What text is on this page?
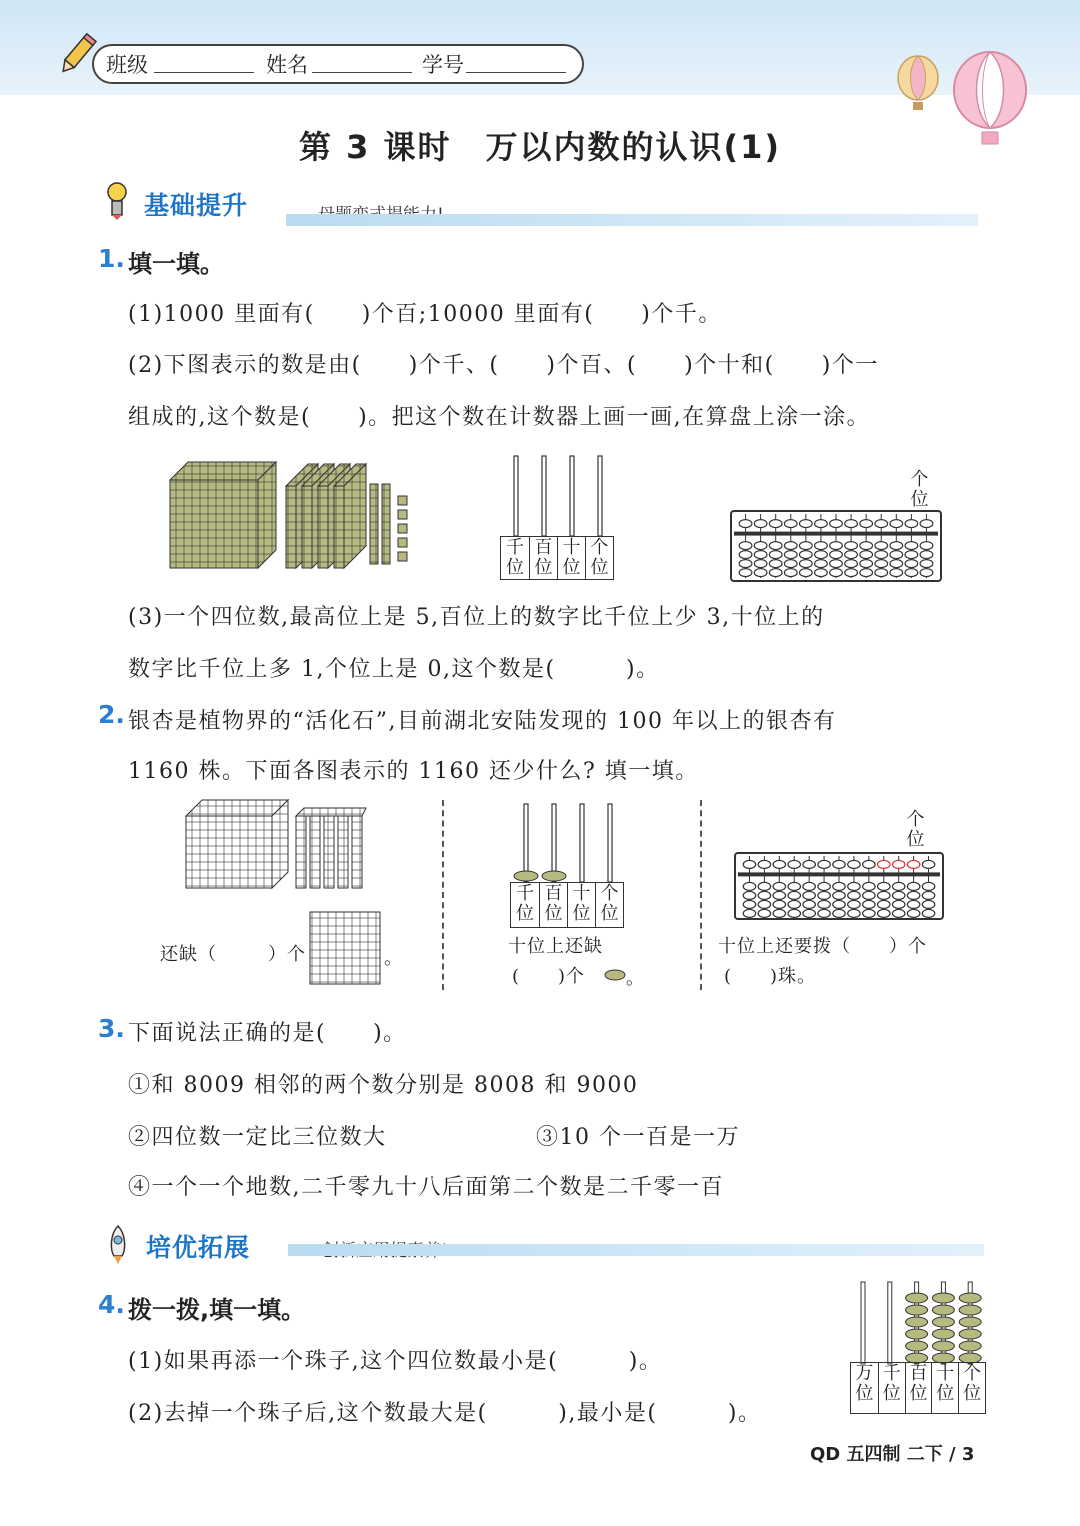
班级	姓名	学号
第 3 课时　万以内数的认识(1)
基础提升
1. 填一填。
(1)1000 里面有(　　)个百;10000 里面有(　　)个千。
(2)下图表示的数是由(　　)个千、(　　)个百、(　　)个十和(　　)个一
组成的,这个数是(　　)。把这个数在计数器上画一画,在算盘上涂一涂。
千
位
百
位
十
位
个
位
个
位
(3)一个四位数,最高位上是 5,百位上的数字比千位上少 3,十位上的
数字比千位上多 1,个位上是 0,这个数是(　　　)。
2. 银杏是植物界的“活化石”,目前湖北安陆发现的 100 年以上的银杏有
1160 株。下面各图表示的 1160 还少什么? 填一填。
还缺（	）个	。
千
位
百
位
十
位
个
位
十位上还缺
(　　)个 。
个
位
十位上还要拨（　　）个
(　　)珠。
3. 下面说法正确的是(　　)。
①和 8009 相邻的两个数分别是 8008 和 9000
②四位数一定比三位数大	③10 个一百是一万
④一个一个地数,二千零九十八后面第二个数是二千零一百
培优拓展
4. 拨一拨,填一填。
(1)如果再添一个珠子,这个四位数最小是(　　　)。
(2)去掉一个珠子后,这个数最大是(　　　),最小是(　　　)。
万
位
千
位
百
位
十
位
个
位
QD 五四制 二下 / 3
